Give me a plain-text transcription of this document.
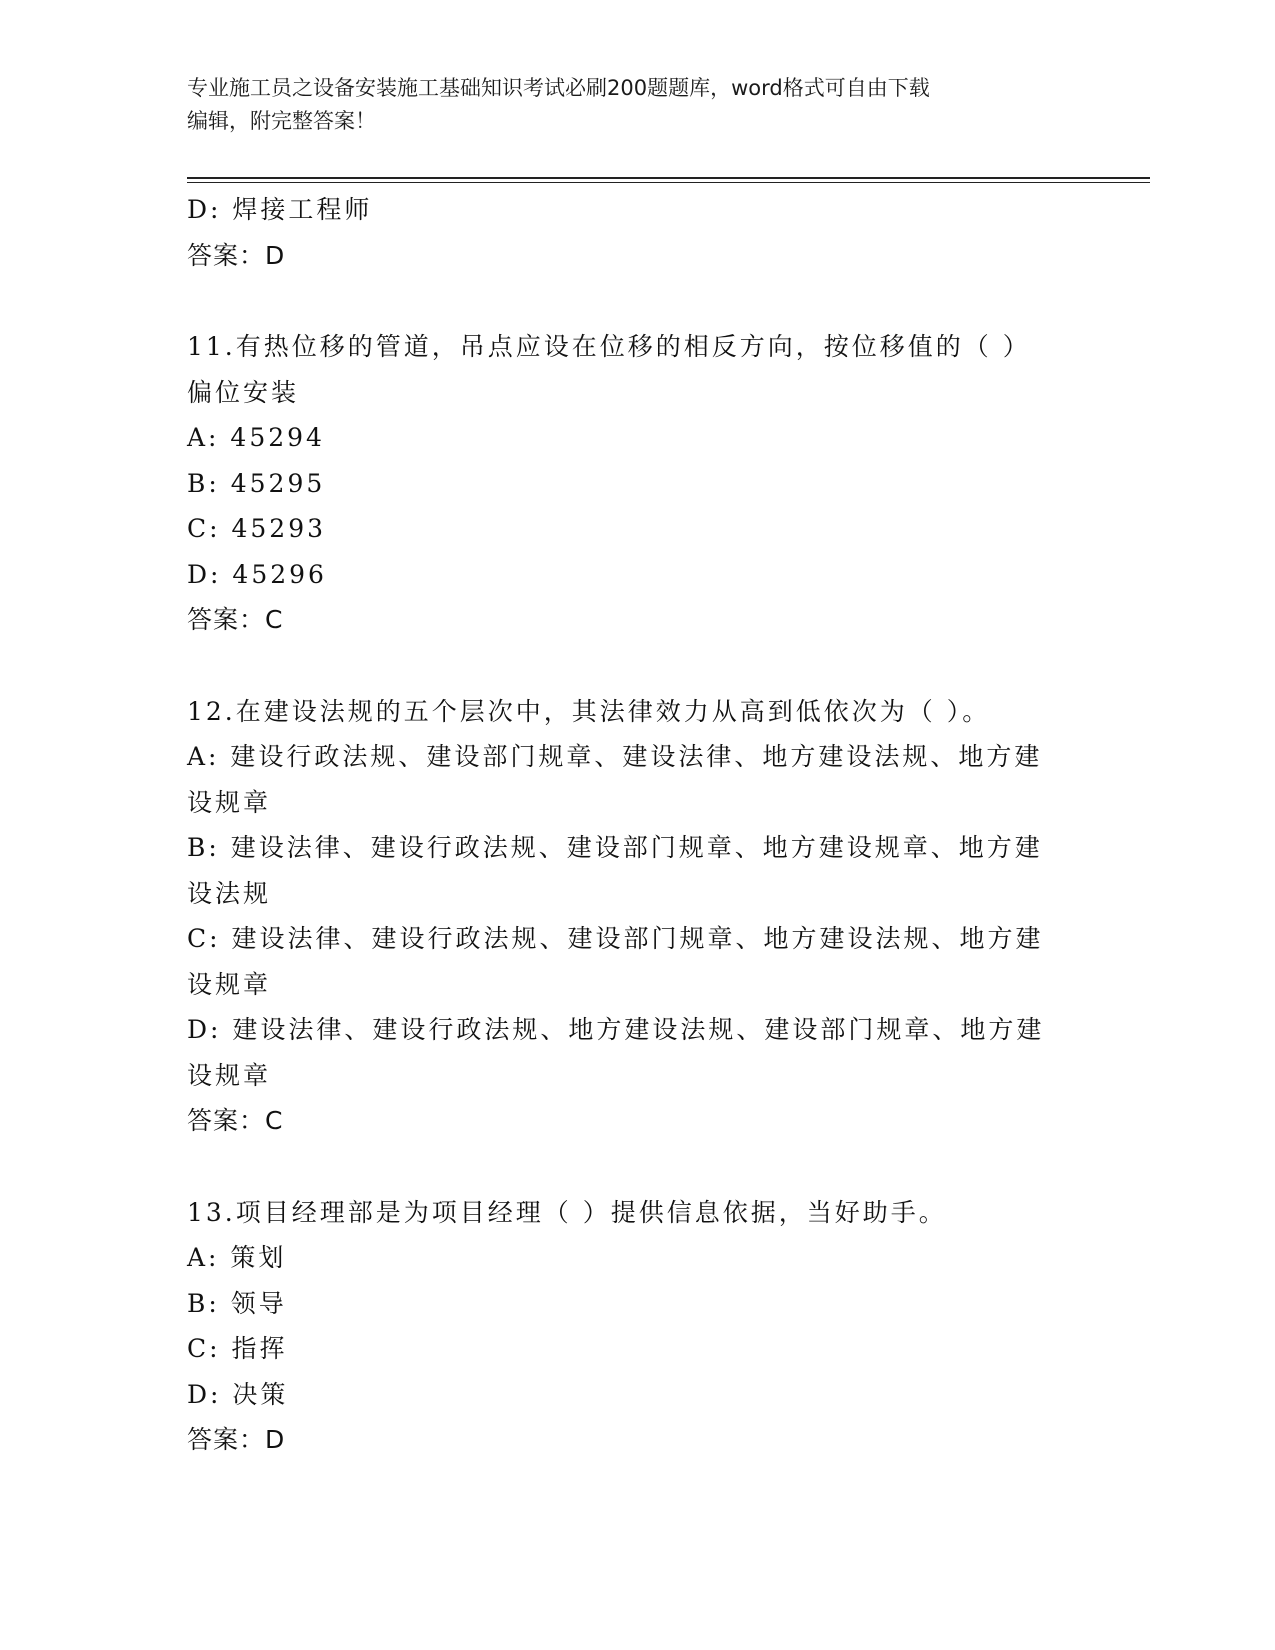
专业施工员之设备安装施工基础知识考试必刷200题题库，word格式可自由下载
编辑，附完整答案！
D: 焊接工程师
答案：D
11.有热位移的管道，吊点应设在位移的相反方向，按位移值的（ ）
偏位安装
A: 45294
B: 45295
C: 45293
D: 45296
答案：C
12.在建设法规的五个层次中，其法律效力从高到低依次为（ ）。
A: 建设行政法规、建设部门规章、建设法律、地方建设法规、地方建
设规章
B: 建设法律、建设行政法规、建设部门规章、地方建设规章、地方建
设法规
C: 建设法律、建设行政法规、建设部门规章、地方建设法规、地方建
设规章
D: 建设法律、建设行政法规、地方建设法规、建设部门规章、地方建
设规章
答案：C
13.项目经理部是为项目经理（ ）提供信息依据，当好助手。
A: 策划
B: 领导
C: 指挥
D: 决策
答案：D
